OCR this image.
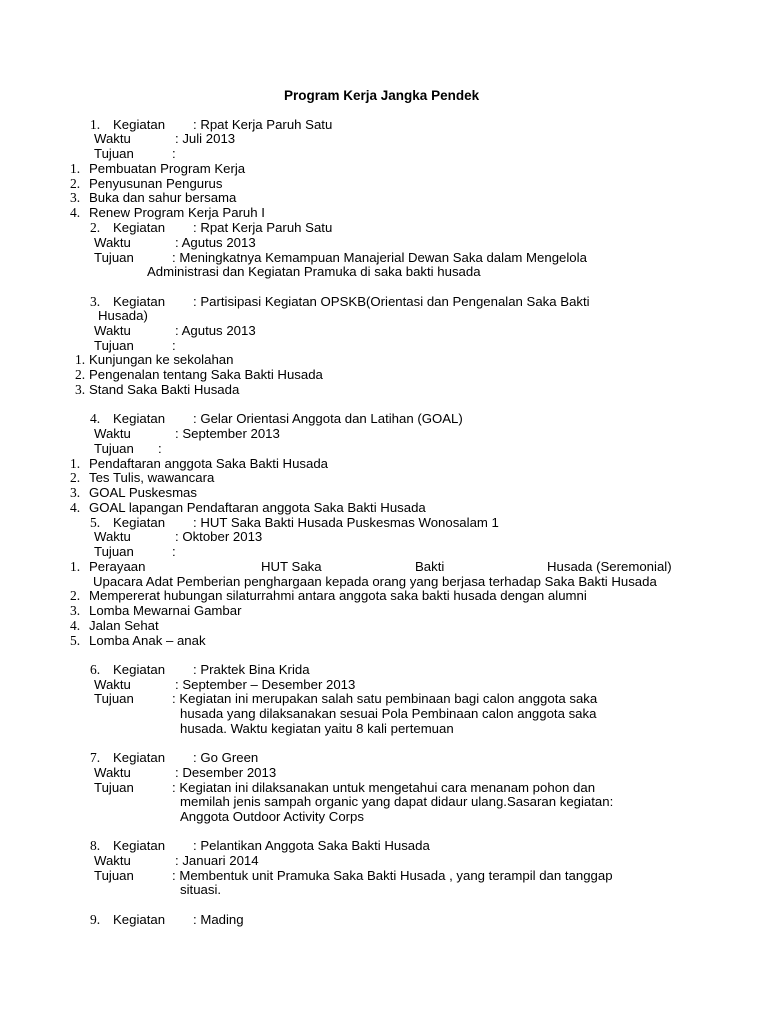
Program Kerja Jangka Pendek
1. Kegiatan : Rpat Kerja Paruh Satu
Waktu	: Juli 2013
Tujuan	:
1. Pembuatan Program Kerja
2. Penyusunan Pengurus
3. Buka dan sahur bersama
4. Renew Program Kerja Paruh I
2. Kegiatan : Rpat Kerja Paruh Satu
Waktu	: Agutus 2013
Tujuan	: Meningkatnya Kemampuan Manajerial Dewan Saka dalam Mengelola
Administrasi dan Kegiatan Pramuka di saka bakti husada
3. Kegiatan : Partisipasi Kegiatan OPSKB(Orientasi dan Pengenalan Saka Bakti
Husada)
Waktu	: Agutus 2013
Tujuan	:
1. Kunjungan ke sekolahan
2. Pengenalan tentang Saka Bakti Husada
3. Stand Saka Bakti Husada
4. Kegiatan : Gelar Orientasi Anggota dan Latihan (GOAL)
Waktu	: September 2013
Tujuan :
1. Pendaftaran anggota Saka Bakti Husada
2. Tes Tulis, wawancara
3. GOAL Puskesmas
4. GOAL lapangan Pendaftaran anggota Saka Bakti Husada
5. Kegiatan : HUT Saka Bakti Husada Puskesmas Wonosalam 1
Waktu	: Oktober 2013
Tujuan	:
1. Perayaan	HUT Saka	Bakti	Husada (Seremonial)
Upacara Adat Pemberian penghargaan kepada orang yang berjasa terhadap Saka Bakti Husada
2. Mempererat hubungan silaturrahmi antara anggota saka bakti husada dengan alumni
3. Lomba Mewarnai Gambar
4. Jalan Sehat
5. Lomba Anak – anak
6. Kegiatan : Praktek Bina Krida
Waktu	: September – Desember 2013
Tujuan	: Kegiatan ini merupakan salah satu pembinaan bagi calon anggota saka
husada yang dilaksanakan sesuai Pola Pembinaan calon anggota saka
husada. Waktu kegiatan yaitu 8 kali pertemuan
7. Kegiatan : Go Green
Waktu	: Desember 2013
Tujuan	: Kegiatan ini dilaksanakan untuk mengetahui cara menanam pohon dan
memilah jenis sampah organic yang dapat didaur ulang.Sasaran kegiatan:
Anggota Outdoor Activity Corps
8. Kegiatan : Pelantikan Anggota Saka Bakti Husada
Waktu	: Januari 2014
Tujuan	: Membentuk unit Pramuka Saka Bakti Husada , yang terampil dan tanggap
situasi.
9. Kegiatan : Mading
